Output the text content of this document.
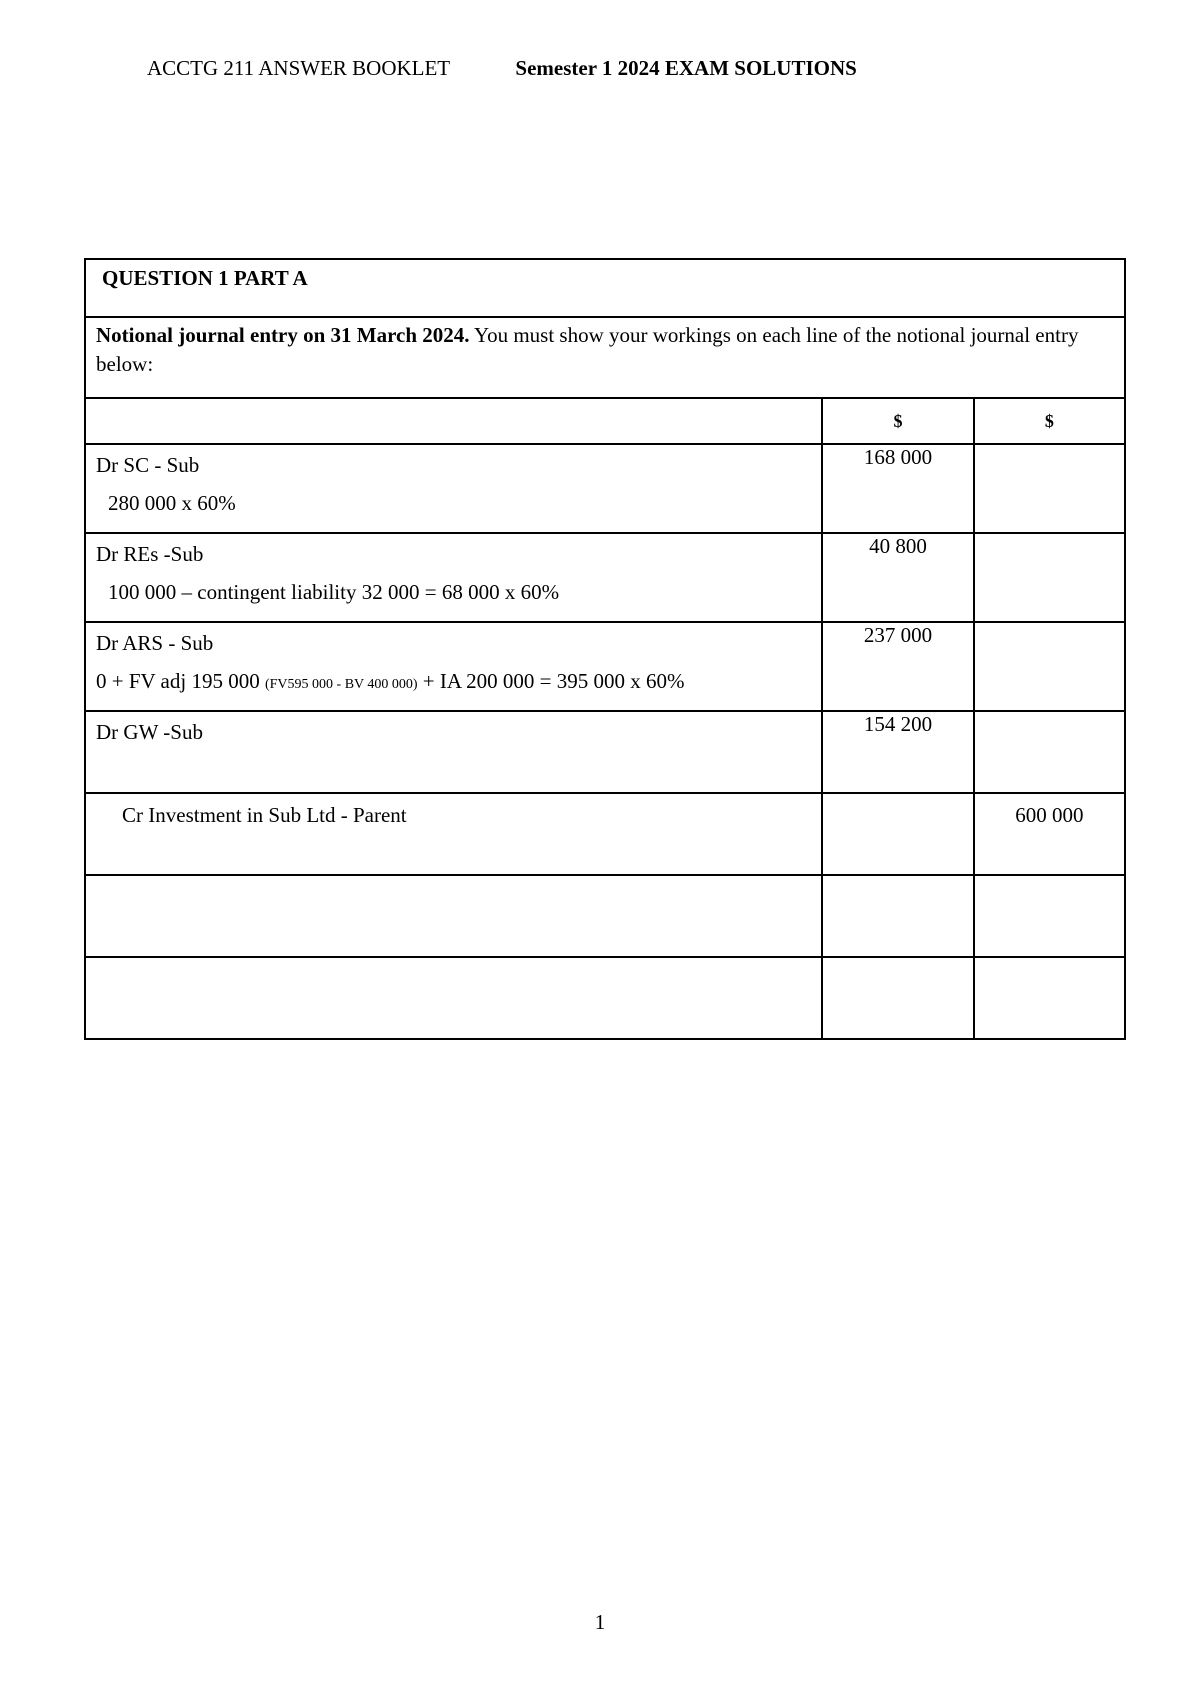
ACCTG 211 ANSWER BOOKLET	Semester 1 2024 EXAM SOLUTIONS
QUESTION 1 PART A		
Notional journal entry on 31 March 2024. You must show your workings on each line of the notional journal entry below:		
	$	$

Dr SC - Sub
280 000 x 60%	168 000	

Dr REs -Sub
100 000 – contingent liability 32 000 = 68 000 x 60%	40 800	

Dr ARS - Sub
0 + FV adj 195 000 (FV595 000 - BV 400 000) + IA 200 000 = 395 000 x 60%	237 000	

Dr GW -Sub	154 200	

Cr Investment in Sub Ltd - Parent		600 000

1
